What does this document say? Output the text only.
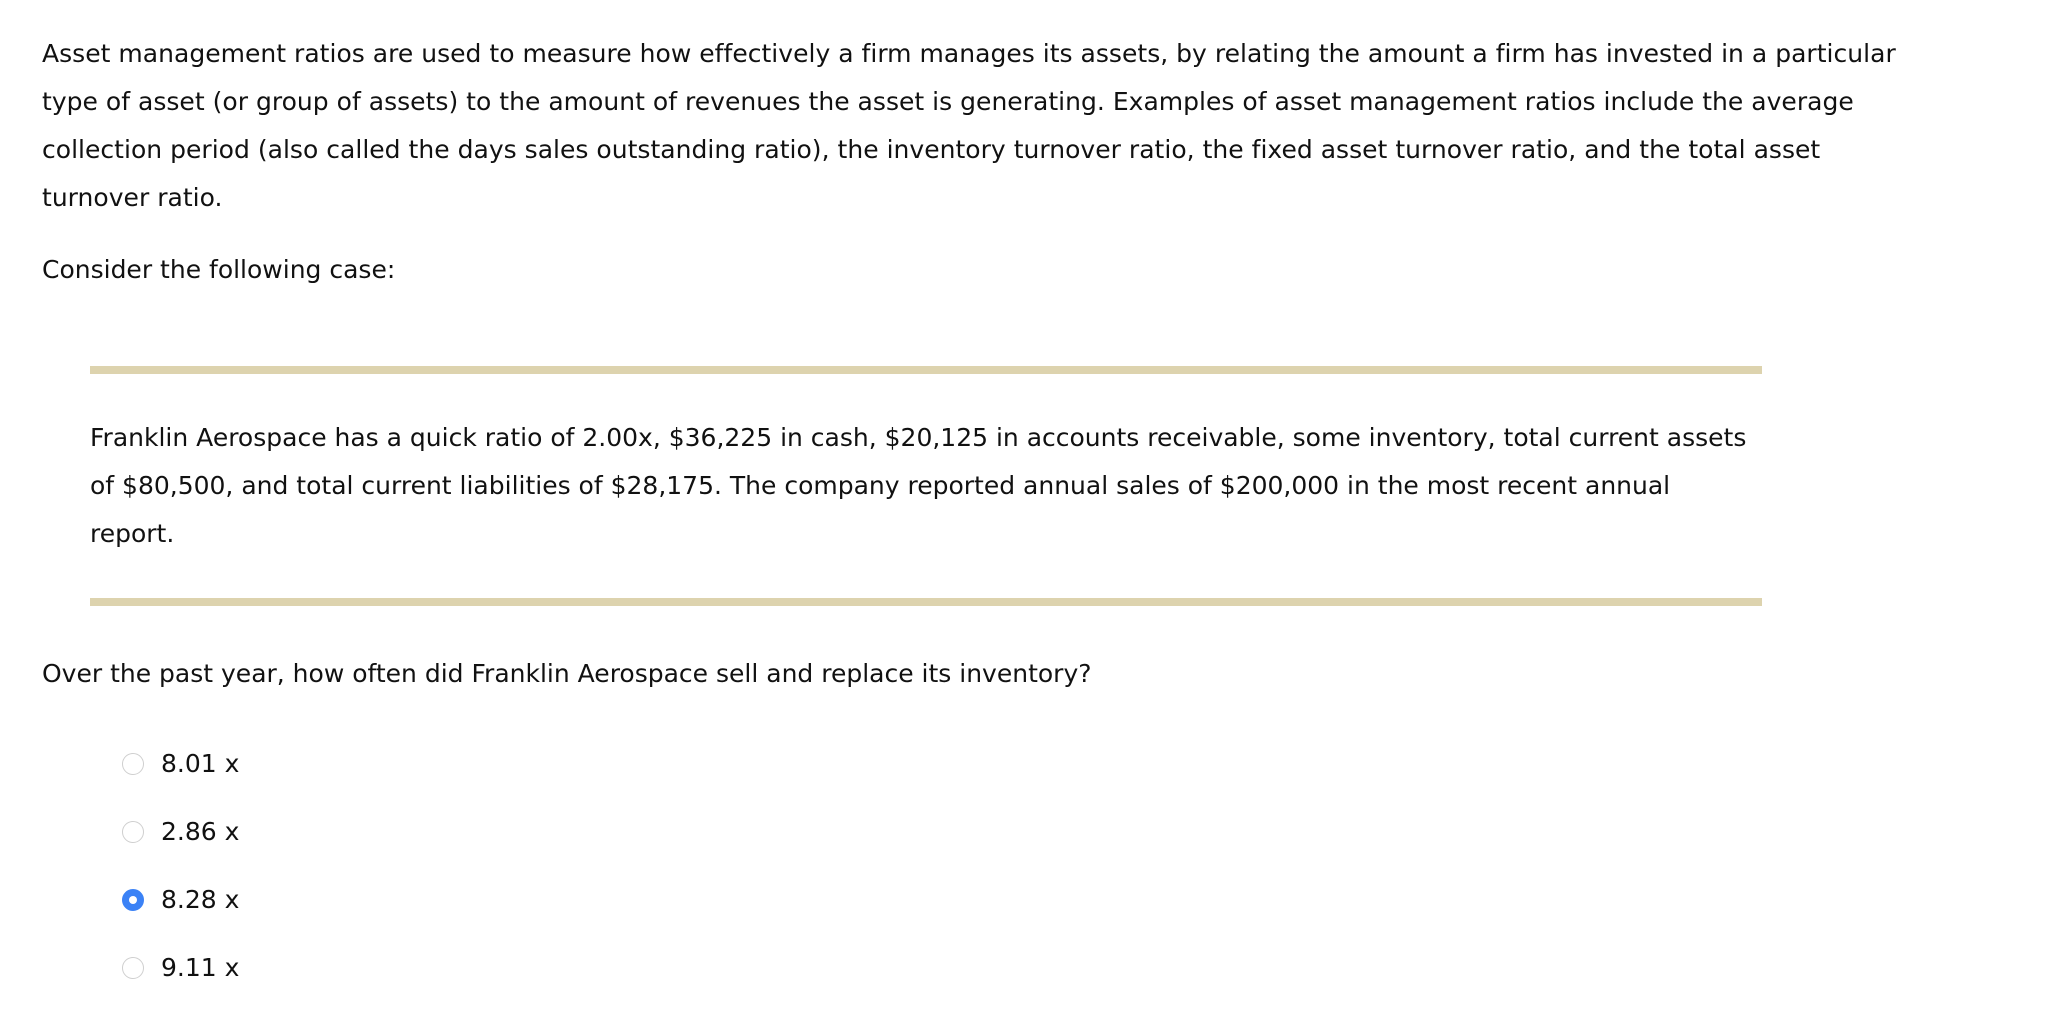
Asset management ratios are used to measure how effectively a firm manages its assets, by relating the amount a firm has invested in a particular type of asset (or group of assets) to the amount of revenues the asset is generating. Examples of asset management ratios include the average collection period (also called the days sales outstanding ratio), the inventory turnover ratio, the fixed asset turnover ratio, and the total asset turnover ratio.

Consider the following case:

Franklin Aerospace has a quick ratio of 2.00x, $36,225 in cash, $20,125 in accounts receivable, some inventory, total current assets of $80,500, and total current liabilities of $28,175. The company reported annual sales of $200,000 in the most recent annual report.

Over the past year, how often did Franklin Aerospace sell and replace its inventory?

8.01 x
2.86 x
8.28 x
9.11 x
